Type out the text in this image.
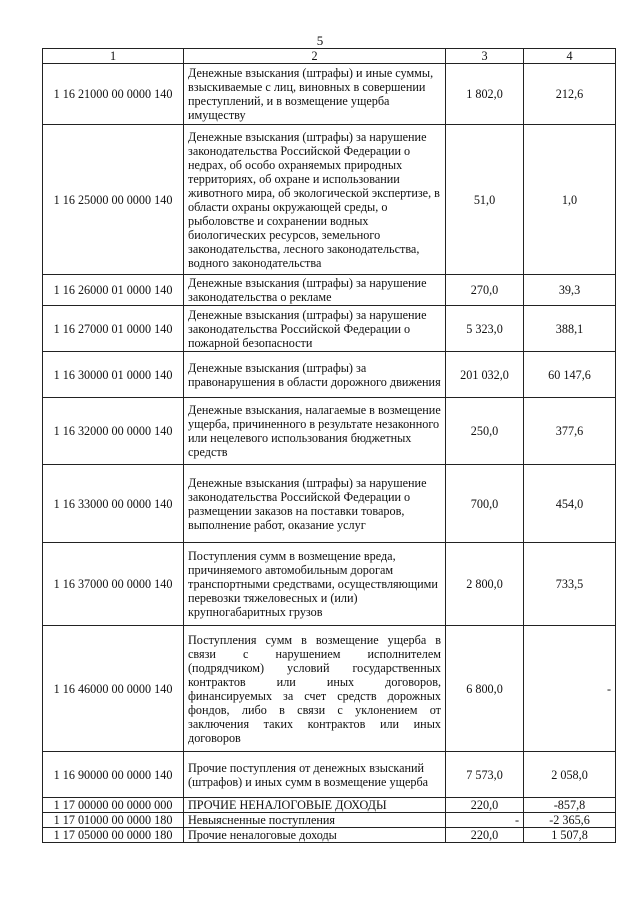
5
1	2	3	4
1 16 21000 00 0000 140	Денежные взыскания (штрафы) и иные суммы, взыскиваемые с лиц, виновных в совершении преступлений, и в возмещение ущерба имуществу	1 802,0	212,6
1 16 25000 00 0000 140	Денежные взыскания (штрафы) за нарушение законодательства Российской Федерации о недрах, об особо охраняемых природных территориях, об охране и использовании животного мира, об экологической экспертизе, в области охраны окружающей среды, о рыболовстве и сохранении водных биологических ресурсов, земельного законодательства, лесного законодательства, водного законодательства	51,0	1,0
1 16 26000 01 0000 140	Денежные взыскания (штрафы) за нарушение законодательства о рекламе	270,0	39,3
1 16 27000 01 0000 140	Денежные взыскания (штрафы) за нарушение законодательства Российской Федерации о пожарной безопасности	5 323,0	388,1
1 16 30000 01 0000 140	Денежные взыскания (штрафы) за правонарушения в области дорожного движения	201 032,0	60 147,6
1 16 32000 00 0000 140	Денежные взыскания, налагаемые в возмещение ущерба, причиненного в результате незаконного или нецелевого использования бюджетных средств	250,0	377,6
1 16 33000 00 0000 140	Денежные взыскания (штрафы) за нарушение законодательства Российской Федерации о размещении заказов на поставки товаров, выполнение работ, оказание услуг	700,0	454,0
1 16 37000 00 0000 140	Поступления сумм в возмещение вреда, причиняемого автомобильным дорогам транспортными средствами, осуществляющими перевозки тяжеловесных и (или) крупногабаритных грузов	2 800,0	733,5
1 16 46000 00 0000 140	Поступления сумм в возмещение ущерба в связи с нарушением исполнителем (подрядчиком) условий государственных контрактов или иных договоров, финансируемых за счет средств дорожных фондов, либо в связи с уклонением от заключения таких контрактов или иных договоров	6 800,0	-
1 16 90000 00 0000 140	Прочие поступления от денежных взысканий (штрафов) и иных сумм в возмещение ущерба	7 573,0	2 058,0
1 17 00000 00 0000 000	ПРОЧИЕ НЕНАЛОГОВЫЕ ДОХОДЫ	220,0	-857,8
1 17 01000 00 0000 180	Невыясненные поступления	-	-2 365,6
1 17 05000 00 0000 180	Прочие неналоговые доходы	220,0	1 507,8
